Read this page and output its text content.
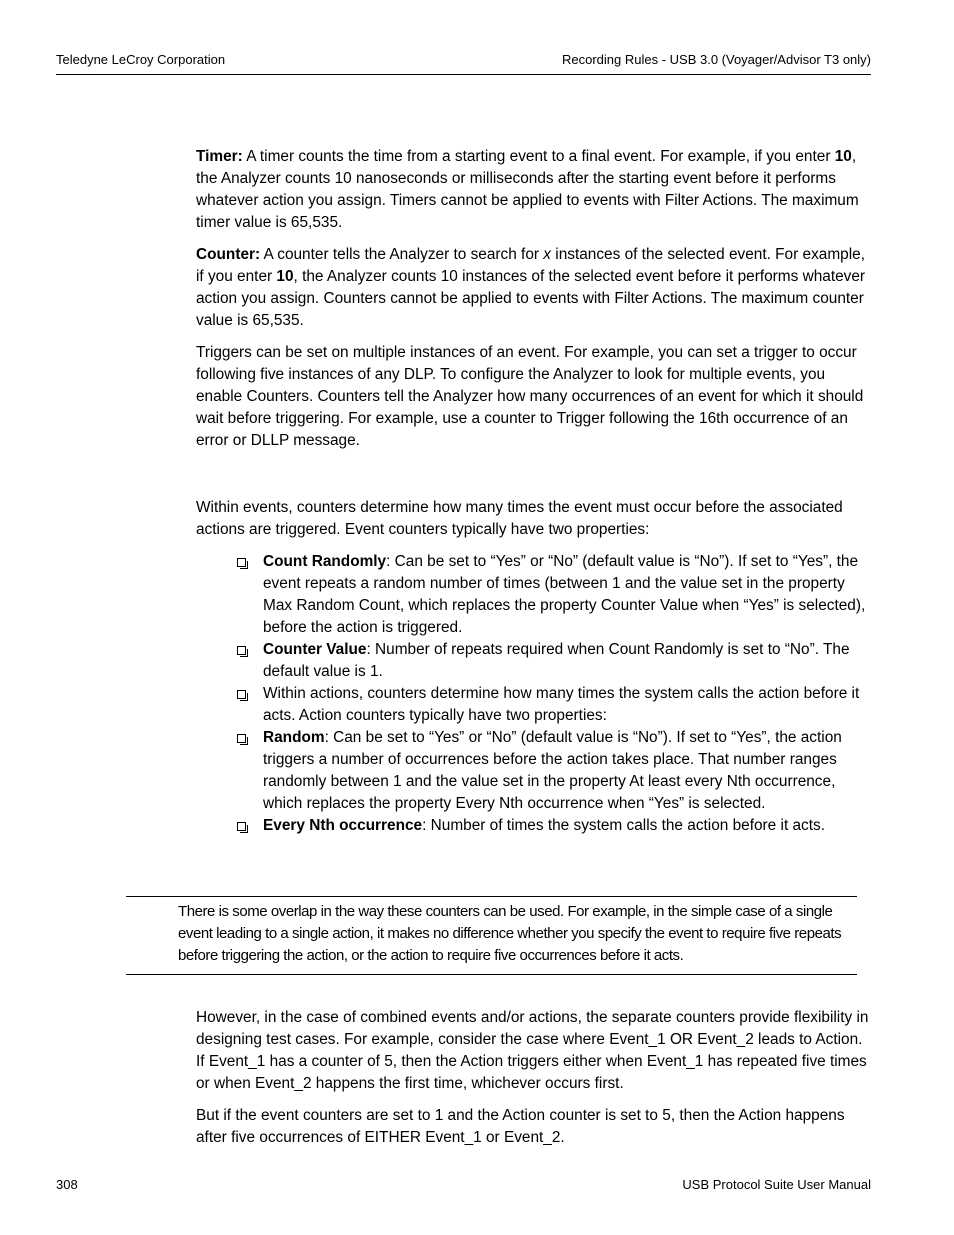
Teledyne LeCroy Corporation	Recording Rules - USB 3.0 (Voyager/Advisor T3 only)

Timer: A timer counts the time from a starting event to a final event. For example, if you enter 10, the Analyzer counts 10 nanoseconds or milliseconds after the starting event before it performs whatever action you assign. Timers cannot be applied to events with Filter Actions. The maximum timer value is 65,535.

Counter: A counter tells the Analyzer to search for x instances of the selected event. For example, if you enter 10, the Analyzer counts 10 instances of the selected event before it performs whatever action you assign. Counters cannot be applied to events with Filter Actions. The maximum counter value is 65,535.

Triggers can be set on multiple instances of an event. For example, you can set a trigger to occur following five instances of any DLP. To configure the Analyzer to look for multiple events, you enable Counters. Counters tell the Analyzer how many occurrences of an event for which it should wait before triggering. For example, use a counter to Trigger following the 16th occurrence of an error or DLLP message.

Within events, counters determine how many times the event must occur before the associated actions are triggered. Event counters typically have two properties:

Count Randomly: Can be set to “Yes” or “No” (default value is “No”). If set to “Yes”, the event repeats a random number of times (between 1 and the value set in the property Max Random Count, which replaces the property Counter Value when “Yes” is selected), before the action is triggered.

Counter Value: Number of repeats required when Count Randomly is set to “No”. The default value is 1.

Within actions, counters determine how many times the system calls the action before it acts. Action counters typically have two properties:

Random: Can be set to “Yes” or “No” (default value is “No”). If set to “Yes”, the action triggers a number of occurrences before the action takes place. That number ranges randomly between 1 and the value set in the property At least every Nth occurrence, which replaces the property Every Nth occurrence when “Yes” is selected.

Every Nth occurrence: Number of times the system calls the action before it acts.

There is some overlap in the way these counters can be used. For example, in the simple case of a single event leading to a single action, it makes no difference whether you specify the event to require five repeats before triggering the action, or the action to require five occurrences before it acts.

However, in the case of combined events and/or actions, the separate counters provide flexibility in designing test cases. For example, consider the case where Event_1 OR Event_2 leads to Action. If Event_1 has a counter of 5, then the Action triggers either when Event_1 has repeated five times or when Event_2 happens the first time, whichever occurs first.

But if the event counters are set to 1 and the Action counter is set to 5, then the Action happens after five occurrences of EITHER Event_1 or Event_2.

308	USB Protocol Suite User Manual
